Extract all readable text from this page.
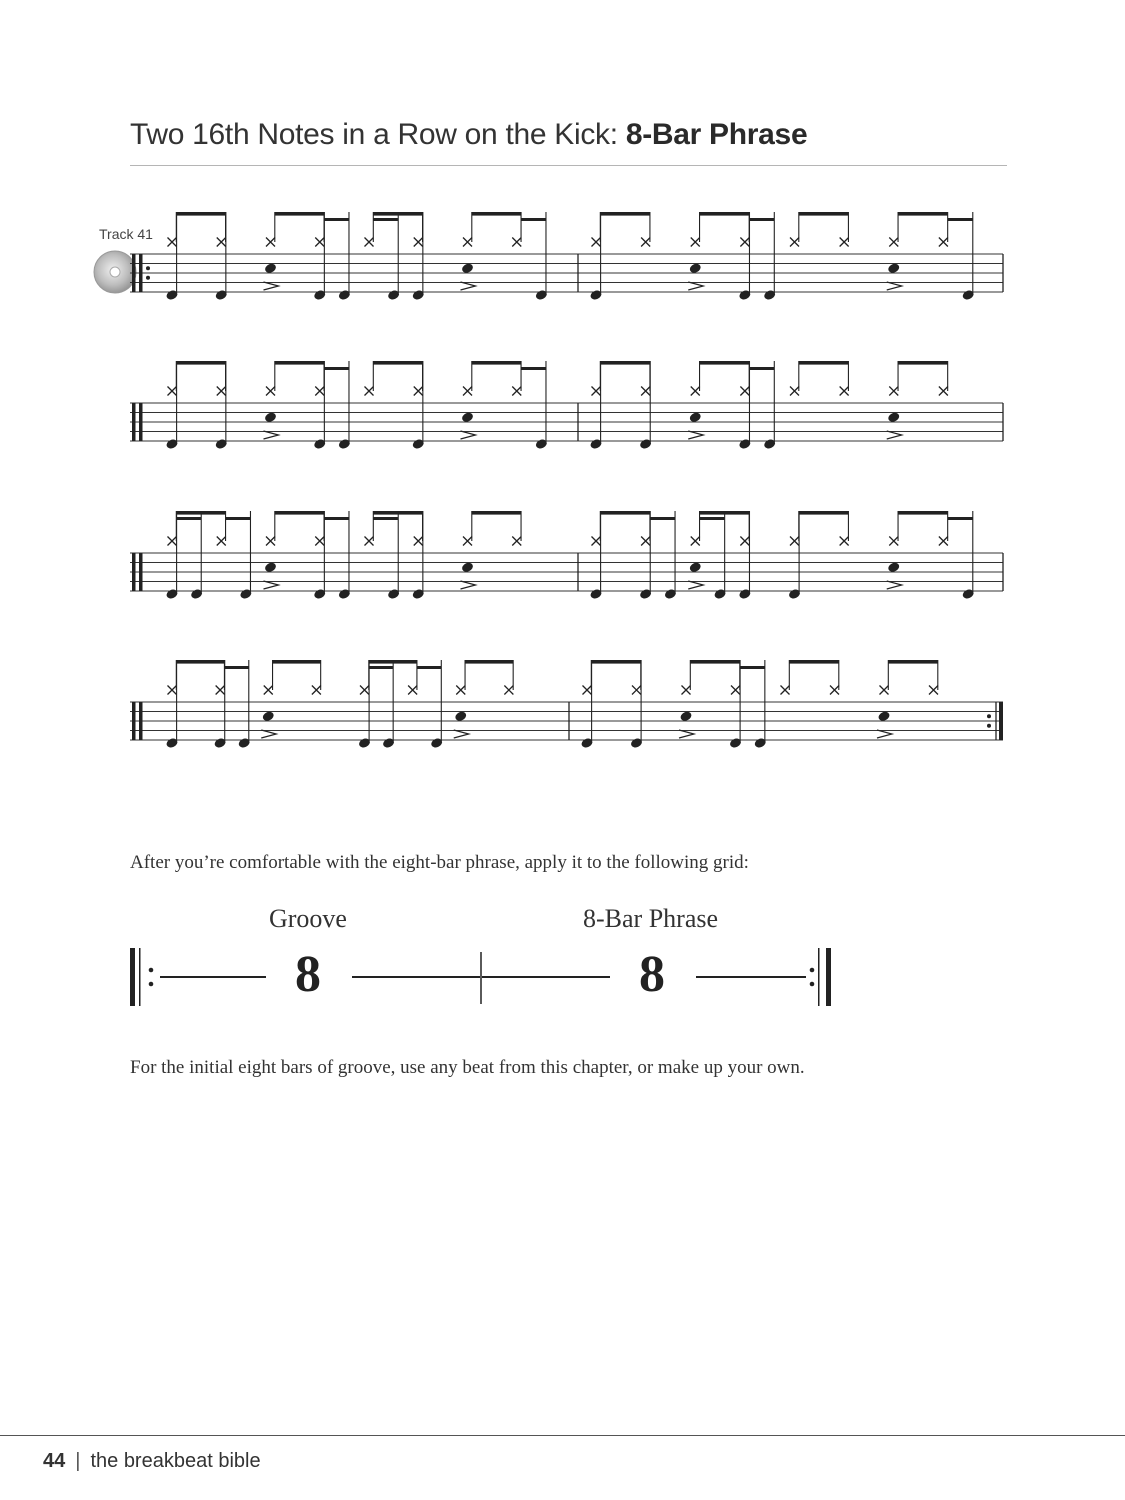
Two 16th Notes in a Row on the Kick: 8-Bar Phrase
Track 41
After you’re comfortable with the eight-bar phrase, apply it to the following grid:
Groove	8-Bar Phrase
8	8
For the initial eight bars of groove, use any beat from this chapter, or make up your own.
44 | the breakbeat bible
